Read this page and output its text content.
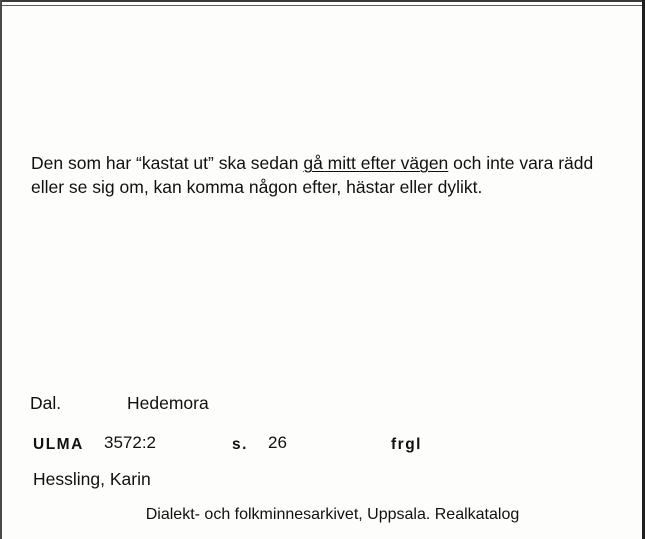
Den som har “kastat ut” ska sedan gå mitt efter vägen och inte vara rädd eller se sig om, kan komma någon efter, hästar eller dylikt.
Dal.	Hedemora
ULMA 3572:2	s. 26	frgl
Hessling, Karin
Dialekt- och folkminnesarkivet, Uppsala. Realkatalog
